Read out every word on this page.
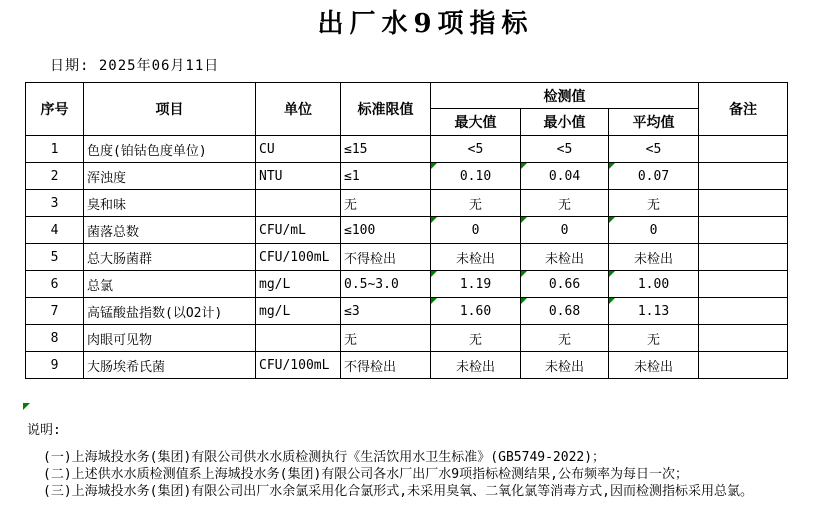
出厂水9项指标
日期: 2025年06月11日
序号	项目	单位	标准限值	检测值			备注
				最大值	最小值	平均值	
1	色度(铂钴色度单位)	CU	≤15	<5	<5	<5	
2	浑浊度	NTU	≤1	0.10	0.04	0.07	
3	臭和味		无	无	无	无	
4	菌落总数	CFU/mL	≤100	0	0	0	
5	总大肠菌群	CFU/100mL	不得检出	未检出	未检出	未检出	
6	总氯	mg/L	0.5~3.0	1.19	0.66	1.00	
7	高锰酸盐指数(以O2计)	mg/L	≤3	1.60	0.68	1.13	
8	肉眼可见物		无	无	无	无	
9	大肠埃希氏菌	CFU/100mL	不得检出	未检出	未检出	未检出	
说明:
(一)上海城投水务(集团)有限公司供水水质检测执行《生活饮用水卫生标准》(GB5749-2022)；
(二)上述供水水质检测值系上海城投水务(集团)有限公司各水厂出厂水9项指标检测结果,公布频率为每日一次；
(三)上海城投水务(集团)有限公司出厂水余氯采用化合氯形式,未采用臭氧、二氧化氯等消毒方式,因而检测指标采用总氯。
